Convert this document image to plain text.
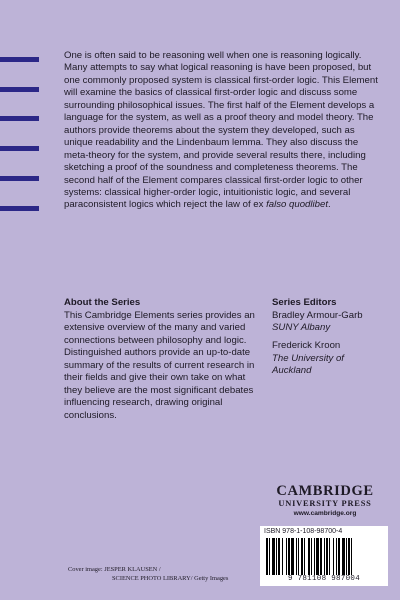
One is often said to be reasoning well when one is reasoning logically. Many attempts to say what logical reasoning is have been proposed, but one commonly proposed system is classical first-order logic. This Element will examine the basics of classical first-order logic and discuss some surrounding philosophical issues. The first half of the Element develops a language for the system, as well as a proof theory and model theory. The authors provide theorems about the system they developed, such as unique readability and the Lindenbaum lemma. They also discuss the meta-theory for the system, and provide several results there, including sketching a proof of the soundness and completeness theorems. The second half of the Element compares classical first-order logic to other systems: classical higher-order logic, intuitionistic logic, and several paraconsistent logics which reject the law of ex falso quodlibet.

About the Series

This Cambridge Elements series provides an extensive overview of the many and varied connections between philosophy and logic. Distinguished authors provide an up-to-date summary of the results of current research in their fields and give their own take on what they believe are the most significant debates influencing research, drawing original conclusions.

Series Editors

Bradley Armour-Garb
SUNY Albany

Frederick Kroon
The University of Auckland

CAMBRIDGE
UNIVERSITY PRESS
www.cambridge.org
ISBN 978-1-108-98700-4
9 781108 987004
Cover image: JESPER KLAUSEN /
SCIENCE PHOTO LIBRARY/ Getty Images
